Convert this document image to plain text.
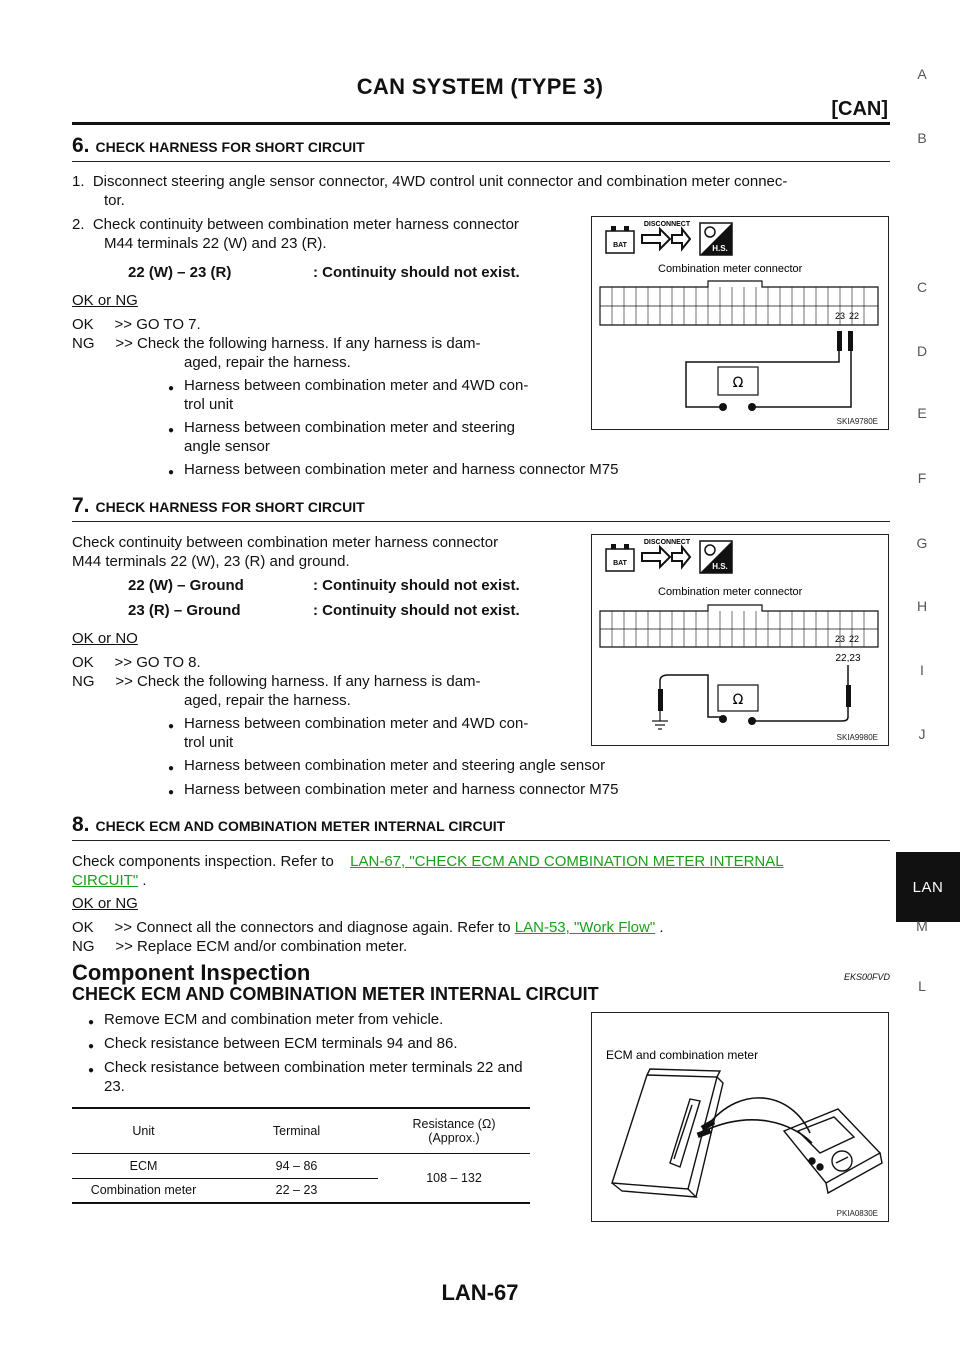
CAN SYSTEM (TYPE 3)
[CAN]
A
B
C
D
E
F
G
H
I
J
LAN
L
M
6. CHECK HARNESS FOR SHORT CIRCUIT
1.  Disconnect steering angle sensor connector, 4WD control unit connector and combination meter connec-
tor.
2.  Check continuity between combination meter harness connector
M44 terminals 22 (W) and 23 (R).
22 (W) – 23 (R)	: Continuity should not exist.
OK or NG
OK     >> GO TO 7.
NG     >> Check the following harness. If any harness is dam-
aged, repair the harness.
● Harness between combination meter and 4WD con-
trol unit
● Harness between combination meter and steering
angle sensor
● Harness between combination meter and harness connector M75
BAT
DISCONNECT
H.S.
Combination meter connector
23 22
Ω
SKIA9780E
7. CHECK HARNESS FOR SHORT CIRCUIT
Check continuity between combination meter harness connector
M44 terminals 22 (W), 23 (R) and ground.
22 (W) – Ground	: Continuity should not exist.
23 (R) – Ground	: Continuity should not exist.
OK or NO
OK     >> GO TO 8.
NG     >> Check the following harness. If any harness is dam-
aged, repair the harness.
● Harness between combination meter and 4WD con-
trol unit
● Harness between combination meter and steering angle sensor
● Harness between combination meter and harness connector M75
BAT
DISCONNECT
H.S.
Combination meter connector
23 22
22,23
Ω
SKIA9980E
8. CHECK ECM AND COMBINATION METER INTERNAL CIRCUIT
Check components inspection. Refer to LAN-67, "CHECK ECM AND COMBINATION METER INTERNAL
CIRCUIT" .
OK or NG
OK     >> Connect all the connectors and diagnose again. Refer to LAN-53, "Work Flow" .
NG     >> Replace ECM and/or combination meter.
Component Inspection	EKS00FVD
CHECK ECM AND COMBINATION METER INTERNAL CIRCUIT
● Remove ECM and combination meter from vehicle.
● Check resistance between ECM terminals 94 and 86.
● Check resistance between combination meter terminals 22 and
23.
Unit	Terminal	Resistance (Ω)
(Approx.)

ECM	94 – 86	108 – 132
Combination meter	22 – 23	
ECM and combination meter
PKIA0830E
LAN-67
